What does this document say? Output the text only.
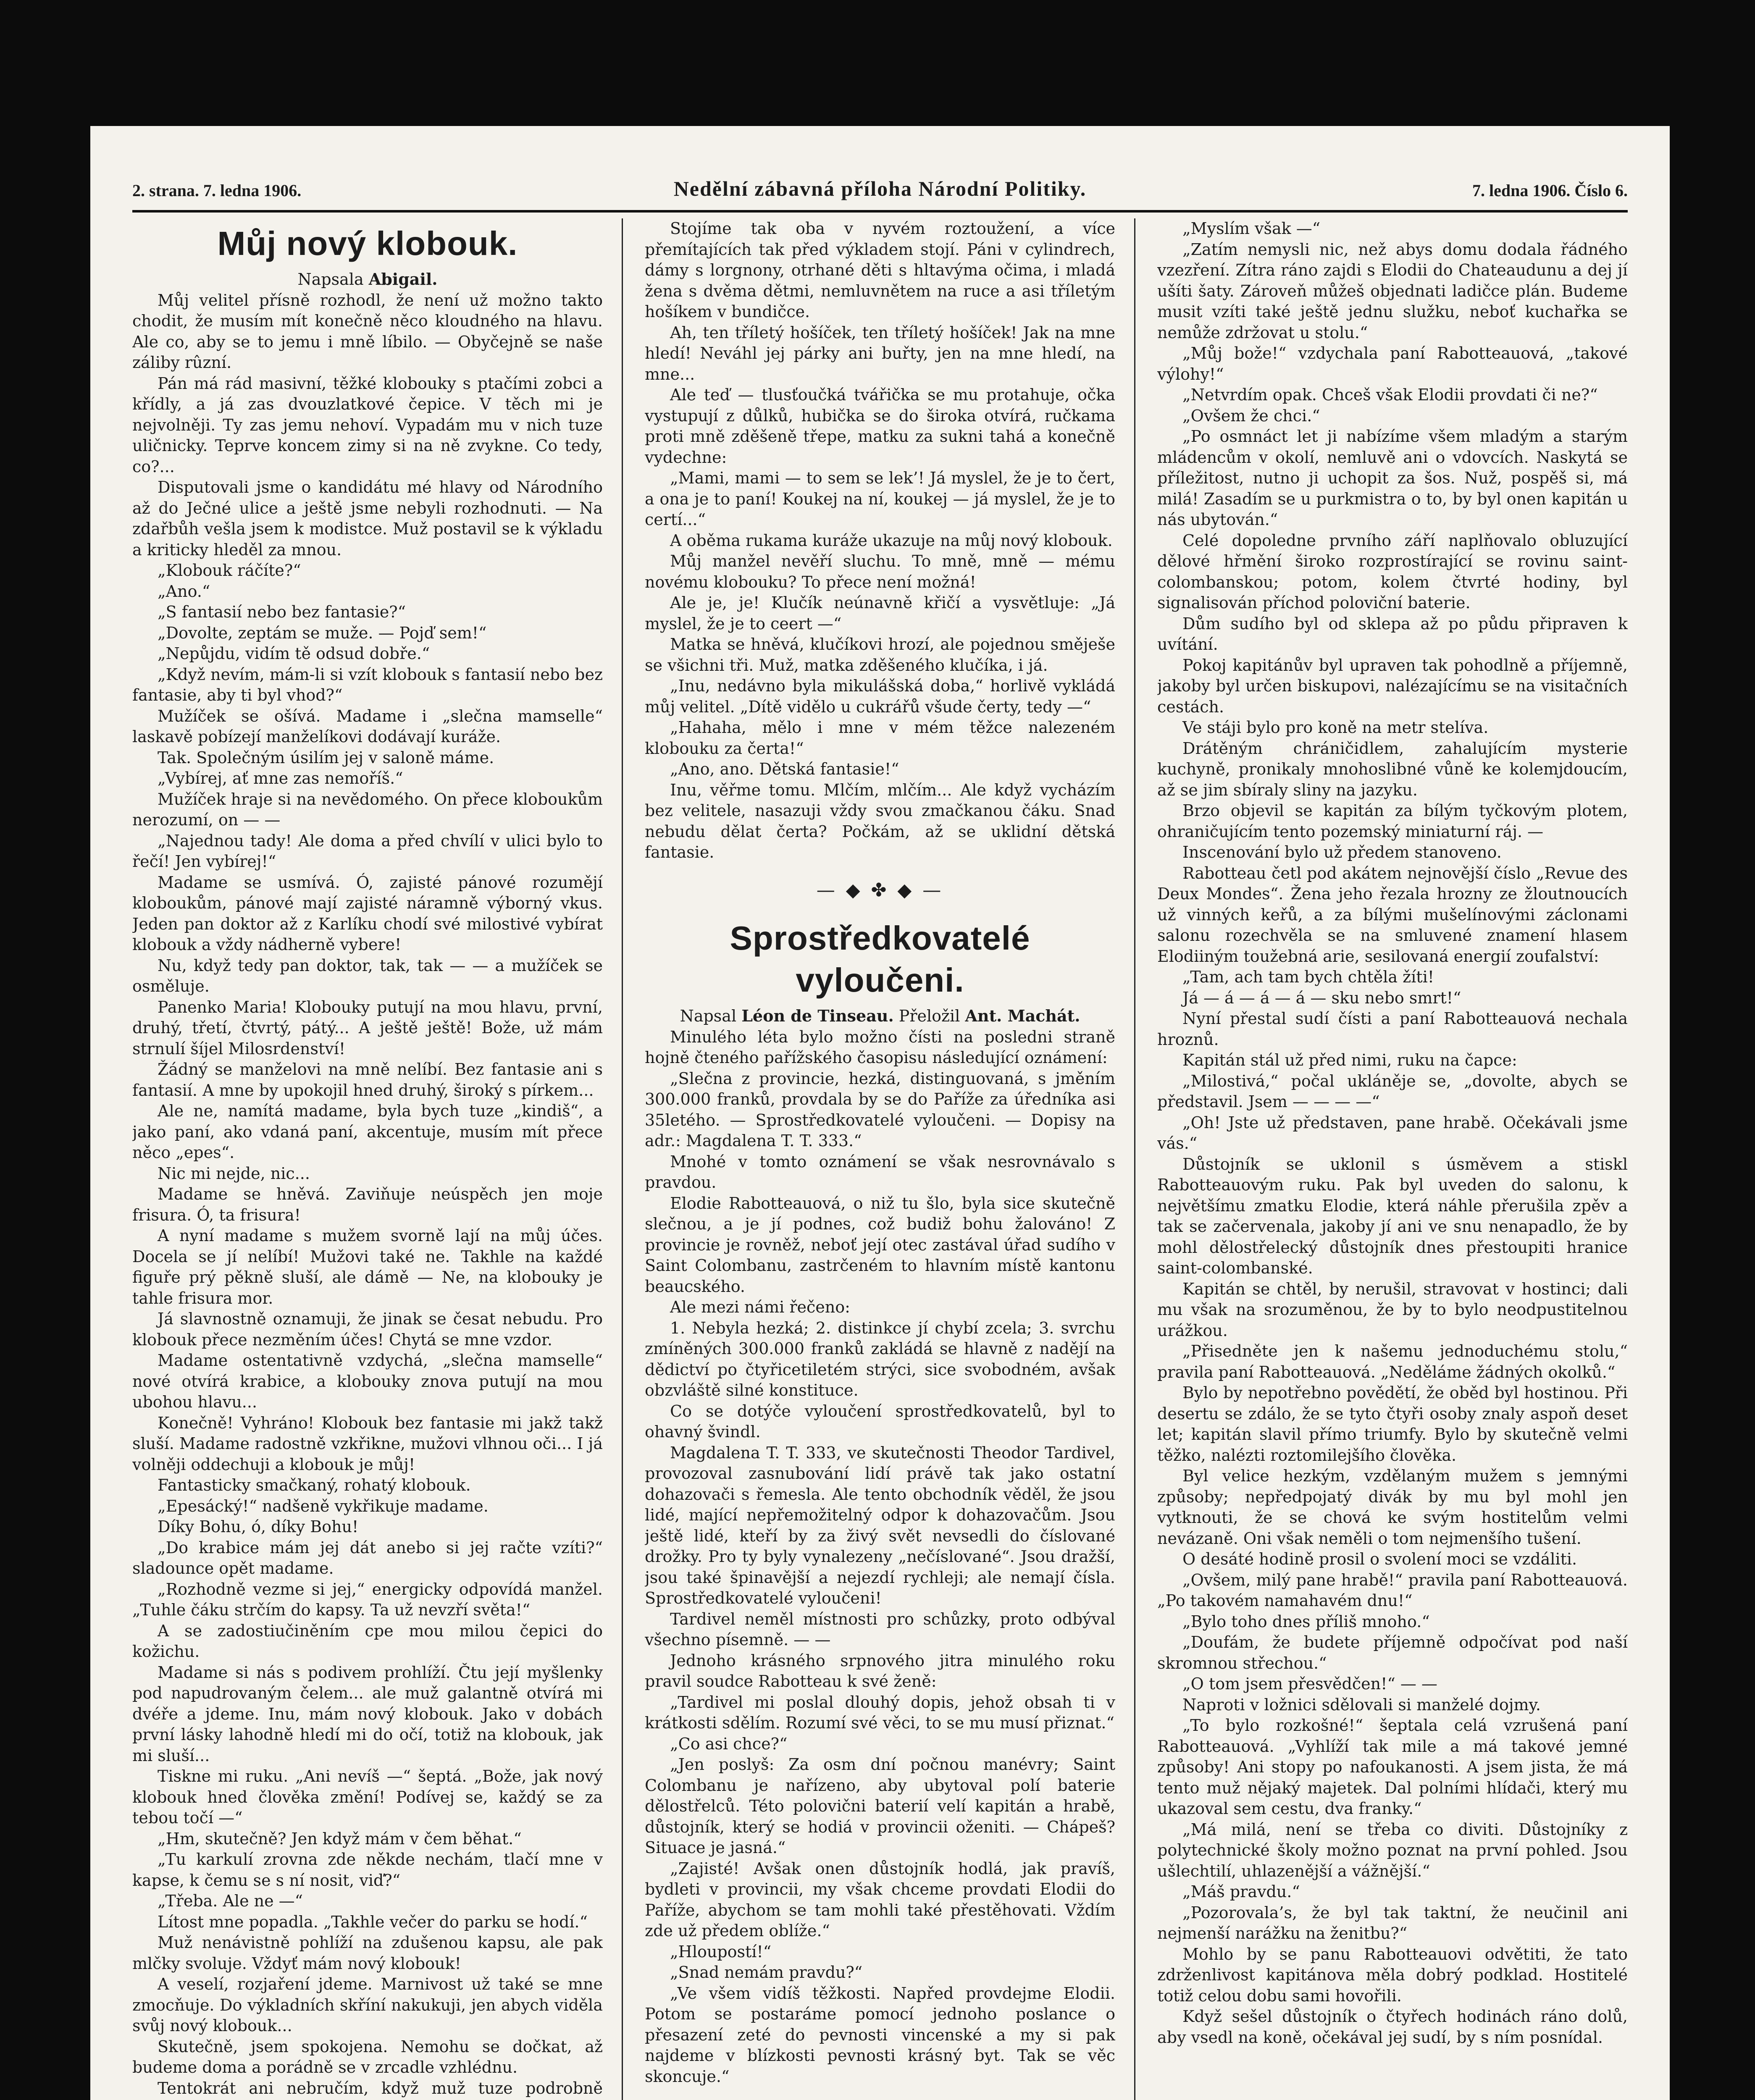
2. strana. 7. ledna 1906.	Nedělní zábavná příloha Národní Politiky.	7. ledna 1906. Číslo 6.
Můj nový klobouk.

Napsala Abigail.

Můj velitel přísně rozhodl, že není už možno takto chodit, že musím mít konečně něco kloudného na hlavu. Ale co, aby se to jemu i mně líbilo. — Obyčejně se naše záliby rûzní.

Pán má rád masivní, těžké klobouky s ptačími zobci a křídly, a já zas dvouzlatkové čepice. V těch mi je nejvolněji. Ty zas jemu nehoví. Vypadám mu v nich tuze uličnicky. Teprve koncem zimy si na ně zvykne. Co tedy, co?...

Disputovali jsme o kandidátu mé hlavy od Národního až do Ječné ulice a ještě jsme nebyli rozhodnuti. — Na zdařbůh vešla jsem k modistce. Muž postavil se k výkladu a kriticky hleděl za mnou.

„Klobouk ráčíte?“

„Ano.“

„S fantasií nebo bez fantasie?“

„Dovolte, zeptám se muže. — Pojď sem!“

„Nepůjdu, vidím tě odsud dobře.“

„Když nevím, mám-li si vzít klobouk s fantasií nebo bez fantasie, aby ti byl vhod?“

Mužíček se ošívá. Madame i „slečna mamselle“ laskavě pobízejí manželíkovi dodávají kuráže.

Tak. Společným úsilím jej v saloně máme.

„Vybírej, ať mne zas nemoříš.“

Mužíček hraje si na nevědomého. On přece kloboukům nerozumí, on — —

„Najednou tady! Ale doma a před chvílí v ulici bylo to řečí! Jen vybírej!“

Madame se usmívá. Ó, zajisté pánové rozumějí kloboukům, pánové mají zajisté náramně výborný vkus. Jeden pan doktor až z Karlíku chodí své milostivé vybírat klobouk a vždy nádherně vybere!

Nu, když tedy pan doktor, tak, tak — — a mužíček se osměluje.

Panenko Maria! Klobouky putují na mou hlavu, první, druhý, třetí, čtvrtý, pátý... A ještě ještě! Bože, už mám strnulí šíjel Milosrdenství!

Žádný se manželovi na mně nelíbí. Bez fantasie ani s fantasií. A mne by upokojil hned druhý, široký s pírkem...

Ale ne, namítá madame, byla bych tuze „kindiš“, a jako paní, ako vdaná paní, akcentuje, musím mít přece něco „epes“.

Nic mi nejde, nic...

Madame se hněvá. Zaviňuje neúspěch jen mojе frisura. Ó, ta frisura!

A nyní madame s mužem svorně lají na můj účes. Docela se jí nelíbí! Mužovi také ne. Takhle na každé figuře prý pěkně sluší, ale dámě — Ne, na klobouky je tahle frisura mor.

Já slavnostně oznamuji, že jinak se česat nebudu. Pro klobouk přece nezměním účes! Chytá se mne vzdor.

Madame ostentativně vzdychá, „slečna mamselle“ nové otvírá krabice, a klobouky znova putují na mou ubohou hlavu...

Konečně! Vyhráno! Klobouk bez fantasie mi jakž takž sluší. Madame radostně vzkřikne, mužovi vlhnou oči... I já volněji oddechuji a klobouk je můj!

Fantasticky smačkaný, rohatý klobouk.

„Epesácký!“ nadšeně vykřikuje madame.

Díky Bohu, ó, díky Bohu!

„Do krabice mám jej dát anebo si jej račte vzíti?“ sladounce opět madame.

„Rozhodně vezme si jej,“ energicky odpovídá manžel. „Tuhle čáku strčím do kapsy. Ta už nevzří světa!“

A se zadostiučiněním cpe mou milou čepici do kožichu.

Madame si nás s podivem prohlíží. Čtu její myšlenky pod napudrovaným čelem... ale muž galantně otvírá mi dvéře a jdeme. Inu, mám nový klobouk. Jako v dobách první lásky lahodně hledí mi do očí, totiž na klobouk, jak mi sluší...

Tiskne mi ruku. „Ani nevíš —“ šeptá. „Bože, jak nový klobouk hned člověka změní! Podívej se, každý se za tebou točí —“

„Hm, skutečně? Jen když mám v čem běhat.“

„Tu karkulí zrovna zde někde nechám, tlačí mne v kapse, k čemu se s ní nosit, viď?“

„Třeba. Ale ne —“

Lítost mne popadla. „Takhle večer do parku se hodí.“

Muž nenávistně pohlíží na zdušenou kapsu, ale pak mlčky svoluje. Vždyť mám nový klobouk!

A veselí, rozjaření jdeme. Marnivost už také se mne zmocňuje. Do výkladních skříní nakukuji, jen abych viděla svůj nový klobouk...

Skutečně, jsem spokojena. Nemohu se dočkat, až budeme doma a porádně se v zrcadle vzhlédnu.

Tentokrát ani nebručím, když muž tuze podrobně

Stojíme tak oba v nyvém roztoužení, a více přemítajících tak před výkladem stojí. Páni v cylindrech, dámy s lorgnony, otrhané děti s hltavýma očima, i mladá žena s dvěma dětmi, nemluvnětem na ruce a asi tříletým hošíkem v bundičce.

Ah, ten tříletý hošíček, ten tříletý hošíček! Jak na mne hledí! Neváhl jej párky ani buřty, jen na mne hledí, na mne...

Ale teď — tlusťoučká tvářička se mu protahuje, očka vystupují z důlků, hubička se do široka otvírá, ručkama proti mně zděšeně třepe, matku za sukni tahá a konečně vydechne:

„Mami, mami — to sem se lek’! Já myslel, že je to čert, a ona je to paní! Koukej na ní, koukej — já myslel, že je to certí...“

A oběma rukama kuráže ukazuje na můj nový klobouk.

Můj manžel nevěří sluchu. To mně, mně — mému novému klobouku? To přece není možná!

Ale je, je! Klučík neúnavně křičí a vysvětluje: „Já myslel, že je to ceert —“

Matka se hněvá, klučíkovi hrozí, ale pojednou směješe se všichni tři. Muž, matka zděšeného klučíka, i já.

„Inu, nedávno byla mikulášská doba,“ horlivě vykládá můj velitel. „Dítě vidělo u cukrářů všude čerty, tedy —“

„Hahaha, mělo i mne v mém těžce nalezeném klobouku za čerta!“

„Ano, ano. Dětská fantasie!“

Inu, věřme tomu. Mlčím, mlčím... Ale když vycházím bez velitele, nasazuji vždy svou zmačkanou čáku. Snad nebudu dělat čerta? Počkám, až se uklidní dětská fantasie.

— ◆ ✤ ◆ —
Sprostředkovatelé vyloučeni.

Napsal Léon de Tinseau. Přeložil Ant. Machát.

Minulého léta bylo možno čísti na posledni straně hojně čteného pařížského časopisu následující oznámení:

„Slečna z provincie, hezká, distinguovaná, s jměním 300.000 franků, provdala by se do Paříže za úředníka asi 35letého. — Sprostředkovatelé vyloučeni. — Dopisy na adr.: Magdalena T. T. 333.“

Mnohé v tomto oznámení se však nesrovnávalo s pravdou.

Elodie Rabotteauová, o niž tu šlo, byla sice skutečně slečnou, a je jí podnes, což budiž bohu žalováno! Z provincie je rovněž, neboť její otec zastával úřad sudího v Saint Colombanu, zastrčeném to hlavním místě kantonu beaucského.

Ale mezi námi řečeno:

1. Nebyla hezká; 2. distinkce jí chybí zcela; 3. svrchu zmíněných 300.000 franků zakládá se hlavně z nadějí na dědictví po čtyřicetiletém strýci, sice svobodném, avšak obzvláště silné konstituce.

Co se dotýče vyloučení sprostředkovatelů, byl to ohavný švindl.

Magdalena T. T. 333, ve skutečnosti Theodor Tardivel, provozoval zasnubování lidí právě tak jako ostatní dohazovači s řemesla. Ale tento obchodník věděl, že jsou lidé, mající nepřemožitelný odpor k dohazovačům. Jsou ještě lidé, kteří by za živý svět nevsedli do číslované drožky. Pro ty byly vynalezeny „nečíslované“. Jsou dražší, jsou také špinavější a nejezdí rychleji; ale nemají čísla. Sprostředkovatelé vyloučeni!

Tardivel neměl místnosti pro schůzky, proto odbýval všechno písemně. — —

Jednoho krásného srpnového jitra minulého roku pravil soudce Rabotteau k své ženě:

„Tardivel mi poslal dlouhý dopis, jehož obsah ti v krátkosti sdělím. Rozumí své věci, to se mu musí přiznat.“

„Co asi chce?“

„Jen poslyš: Za osm dní počnou manévry; Saint Colombanu je nařízeno, aby ubytoval polí baterie dělostřelců. Této polovični baterií velí kapitán a hrabě, důstojník, který se hodiá v provincii oženiti. — Chápeš? Situace je jasná.“

„Zajisté! Avšak onen důstojník hodlá, jak pravíš, bydleti v provincii, my však chceme provdati Elodii do Paříže, abychom se tam mohli také přestěhovati. Vždím zde už předem oblíže.“

„Hloupostí!“

„Snad nemám pravdu?“

„Ve všem vidíš těžkosti. Napřed provdejme Elodii. Potom se postaráme pomocí jednoho poslance o přesazení zeté do pevnosti vincenské a my si pak najdeme v blízkosti pevnosti krásný byt. Tak se věc skoncuje.“

„Myslím však —“

„Zatím nemysli nic, než abys domu dodala řádného vzezření. Zítra ráno zajdi s Elodii do Chateaudunu a dej jí ušíti šaty. Zároveň můžeš objednati ladičce plán. Budeme musit vzíti také ještě jednu služku, neboť kuchařka se nemůže zdržovat u stolu.“

„Můj bože!“ vzdychala paní Rabotteauová, „takové výlohy!“

„Netvrdím opak. Chceš však Elodii provdati či ne?“

„Ovšem že chci.“

„Po osmnáct let ji nabízíme všem mladým a starým mládencům v okolí, nemluvě ani o vdovcích. Naskytá se příležitost, nutno ji uchopit za šos. Nuž, pospěš si, má milá! Zasadím se u purkmistra o to, by byl onen kapitán u nás ubytován.“

Celé dopoledne prvního září naplňovalo obluzující dělové hřmění široko rozprostírající se rovinu saint-colombanskou; potom, kolem čtvrté hodiny, byl signalisován příchod poloviční baterie.

Dům sudího byl od sklepa až po půdu připraven k uvítání.

Pokoj kapitánův byl upraven tak pohodlně a příjemně, jakoby byl určen biskupovi, nalézajícímu se na visitačních cestách.

Ve stáji bylo pro koně na metr stelíva.

Drátěným chráničidlem, zahalujícím mysterie kuchyně, pronikaly mnohoslibné vůně ke kolemjdoucím, až se jim sbíraly sliny na jazyku.

Brzo objevil se kapitán za bílým tyčkovým plotem, ohraničujícím tento pozemský miniaturní ráj. —

Inscenování bylo už předem stanoveno.

Rabotteau četl pod akátem nejnovější číslo „Revue des Deux Mondes“. Žena jeho řezala hrozny ze žloutnoucích už vinných keřů, a za bílými mušelínovými záclonami salonu rozechvěla se na smluvené znamení hlasem Elodiiným toužebná arie, sesilovaná energií zoufalství:

„Tam, ach tam bych chtěla žíti!

Já — á — á — á — sku nebo smrt!“

Nyní přestal sudí čísti a paní Rabotteauová nechala hroznů.

Kapitán stál už před nimi, ruku na čapce:

„Milostivá,“ počal ukláněje se, „dovolte, abych se představil. Jsem — — — —“

„Oh! Jste už představen, pane hrabě. Očekávali jsme vás.“

Důstojník se uklonil s úsměvem a stiskl Rabotteauovým ruku. Pak byl uveden do salonu, k největšímu zmatku Elodie, která náhle přerušila zpěv a tak se začervenala, jakoby jí ani ve snu nenapadlo, že by mohl dělostřelecký důstojník dnes přestoupiti hranice saint-colombanské.

Kapitán se chtěl, by nerušil, stravovat v hostinci; dali mu však na srozuměnou, že by to bylo neodpustitelnou urážkou.

„Přisedněte jen k našemu jednoduchému stolu,“ pravila paní Rabotteauová. „Neděláme žádných okolků.“

Bylo by nepotřebno povědětí, že oběd byl hostinou. Při desertu se zdálo, že se tyto čtyři osoby znaly aspoň deset let; kapitán slavil přímo triumfy. Bylo by skutečně velmi těžko, nalézti roztomilejšího člověka.

Byl velice hezkým, vzdělaným mužem s jemnými způsoby; nepředpojatý divák by mu byl mohl jen vytknouti, že se chová ke svým hostitelům velmi nevázaně. Oni však neměli o tom nejmenšího tušení.

O desáté hodině prosil o svolení moci se vzdáliti.

„Ovšem, milý pane hrabě!“ pravila paní Rabotteauová. „Po takovém namahavém dnu!“

„Bylo toho dnes příliš mnoho.“

„Doufám, že budete příjemně odpočívat pod naší skromnou střechou.“

„O tom jsem přesvědčen!“ — —

Naproti v ložnici sdělovali si manželé dojmy.

„To bylo rozkošné!“ šeptala celá vzrušená paní Rabotteauová. „Vyhlíží tak mile a má takové jemné způsoby! Ani stopy po nafoukanosti. A jsem jista, že má tento muž nějaký majetek. Dal polními hlídači, který mu ukazoval sem cestu, dva franky.“

„Má milá, není se třeba co diviti. Důstojníky z polytechnické školy možno poznat na první pohled. Jsou ušlechtilí, uhlazenější a vážnější.“

„Máš pravdu.“

„Pozorovala’s, že byl tak taktní, že neučinil ani nejmenší narážku na ženitbu?“

Mohlo by se panu Rabotteauovi odvětiti, že tato zdrženlivost kapitánova měla dobrý podklad. Hostitelé totiž celou dobu sami hovořili.

Když sešel důstojník o čtyřech hodinách ráno dolů, aby vsedl na koně, očekával jej sudí, by s ním posnídal.
